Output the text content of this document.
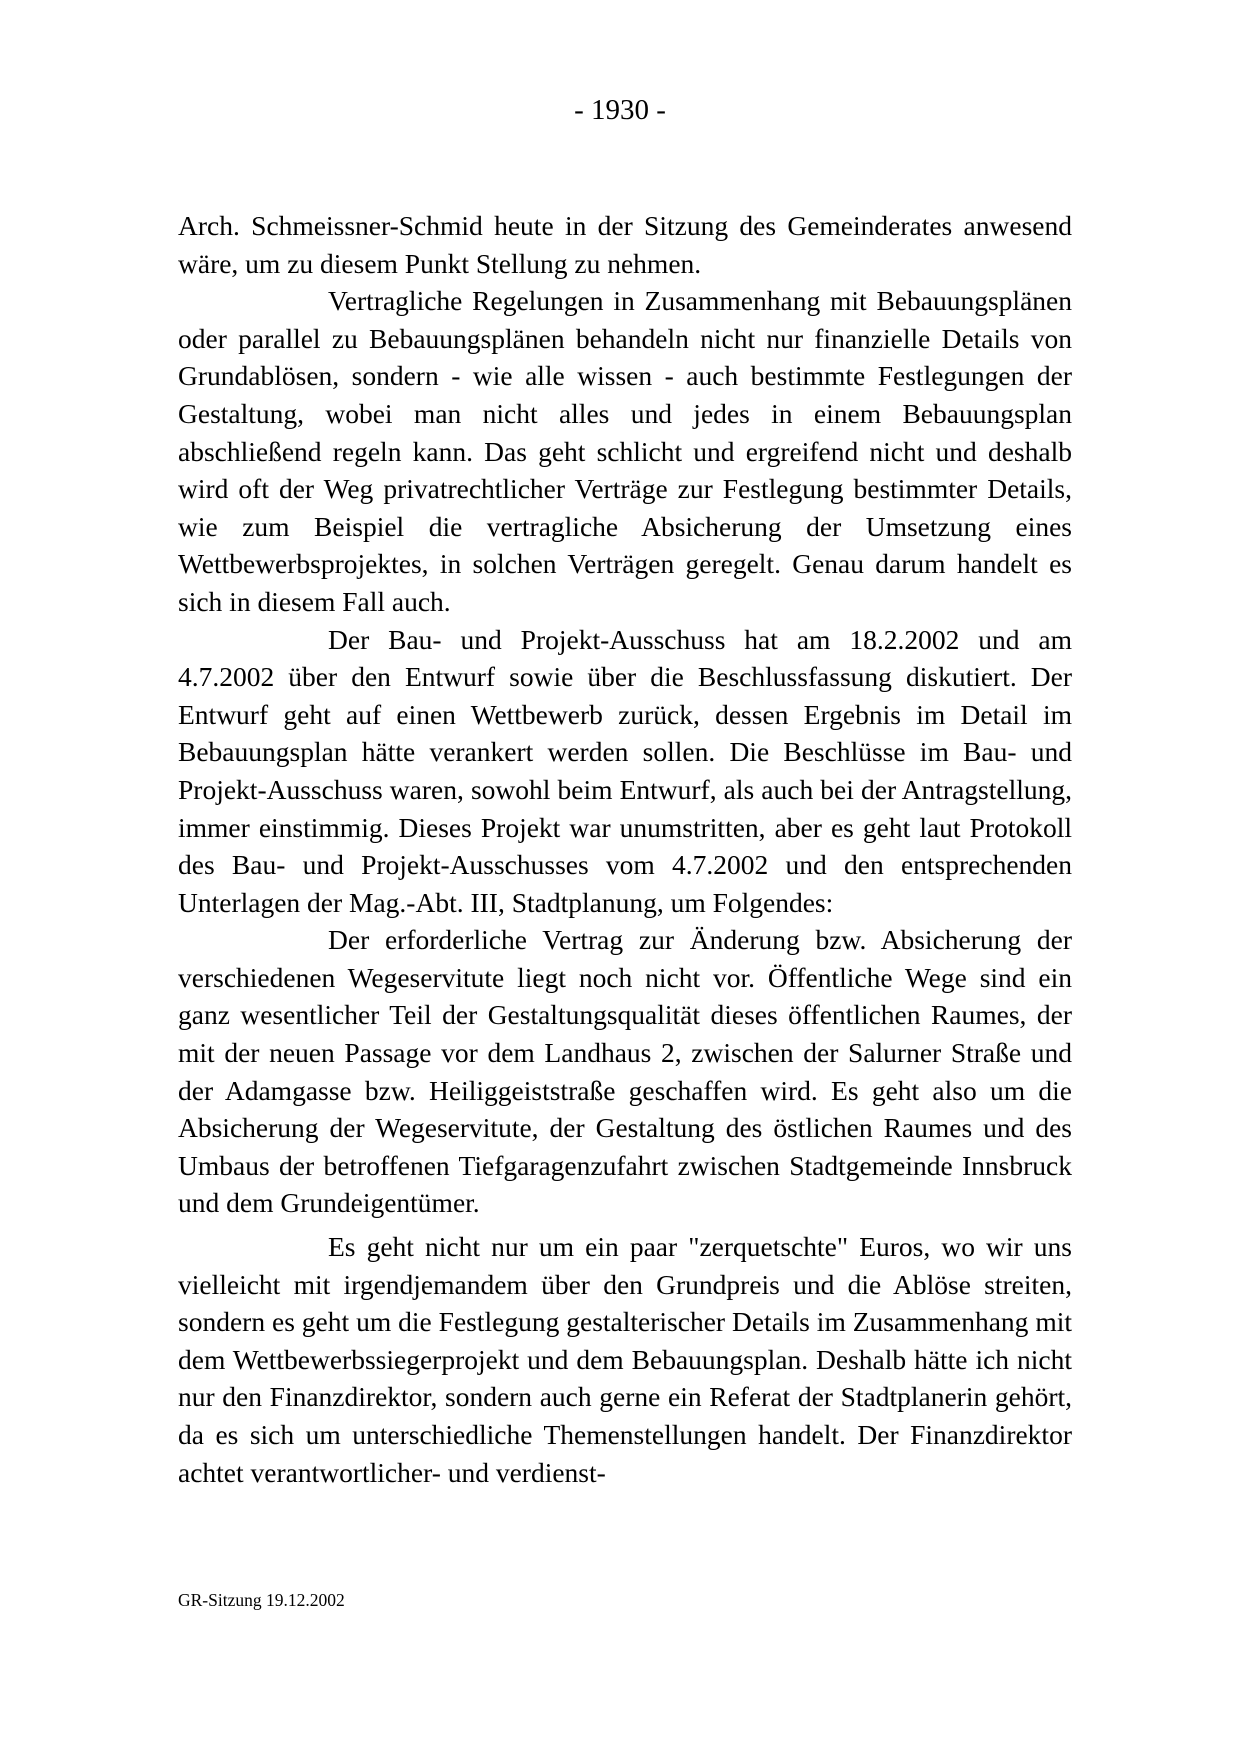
- 1930 -

Arch. Schmeissner-Schmid heute in der Sitzung des Gemeinderates anwesend wäre, um zu diesem Punkt Stellung zu nehmen.

Vertragliche Regelungen in Zusammenhang mit Bebauungsplänen oder parallel zu Bebauungsplänen behandeln nicht nur finanzielle Details von Grundablösen, sondern - wie alle wissen - auch bestimmte Festlegungen der Gestaltung, wobei man nicht alles und jedes in einem Bebauungsplan abschließend regeln kann. Das geht schlicht und ergreifend nicht und deshalb wird oft der Weg privatrechtlicher Verträge zur Festlegung bestimmter Details, wie zum Beispiel die vertragliche Absicherung der Umsetzung eines Wettbewerbsprojektes, in solchen Verträgen geregelt. Genau darum handelt es sich in diesem Fall auch.

Der Bau- und Projekt-Ausschuss hat am 18.2.2002 und am 4.7.2002 über den Entwurf sowie über die Beschlussfassung diskutiert. Der Entwurf geht auf einen Wettbewerb zurück, dessen Ergebnis im Detail im Bebauungsplan hätte verankert werden sollen. Die Beschlüsse im Bau- und Projekt-Ausschuss waren, sowohl beim Entwurf, als auch bei der Antragstellung, immer einstimmig. Dieses Projekt war unumstritten, aber es geht laut Protokoll des Bau- und Projekt-Ausschusses vom 4.7.2002 und den entsprechenden Unterlagen der Mag.-Abt. III, Stadtplanung, um Folgendes:

Der erforderliche Vertrag zur Änderung bzw. Absicherung der verschiedenen Wegeservitute liegt noch nicht vor. Öffentliche Wege sind ein ganz wesentlicher Teil der Gestaltungsqualität dieses öffentlichen Raumes, der mit der neuen Passage vor dem Landhaus 2, zwischen der Salurner Straße und der Adamgasse bzw. Heiliggeiststraße geschaffen wird. Es geht also um die Absicherung der Wegeservitute, der Gestaltung des östlichen Raumes und des Umbaus der betroffenen Tiefgaragenzufahrt zwischen Stadtgemeinde Innsbruck und dem Grundeigentümer.

Es geht nicht nur um ein paar "zerquetschte" Euros, wo wir uns vielleicht mit irgendjemandem über den Grundpreis und die Ablöse streiten, sondern es geht um die Festlegung gestalterischer Details im Zusammenhang mit dem Wettbewerbssiegerprojekt und dem Bebauungsplan. Deshalb hätte ich nicht nur den Finanzdirektor, sondern auch gerne ein Referat der Stadtplanerin gehört, da es sich um unterschiedliche Themenstellungen handelt. Der Finanzdirektor achtet verantwortlicher- und verdienst-

GR-Sitzung 19.12.2002
